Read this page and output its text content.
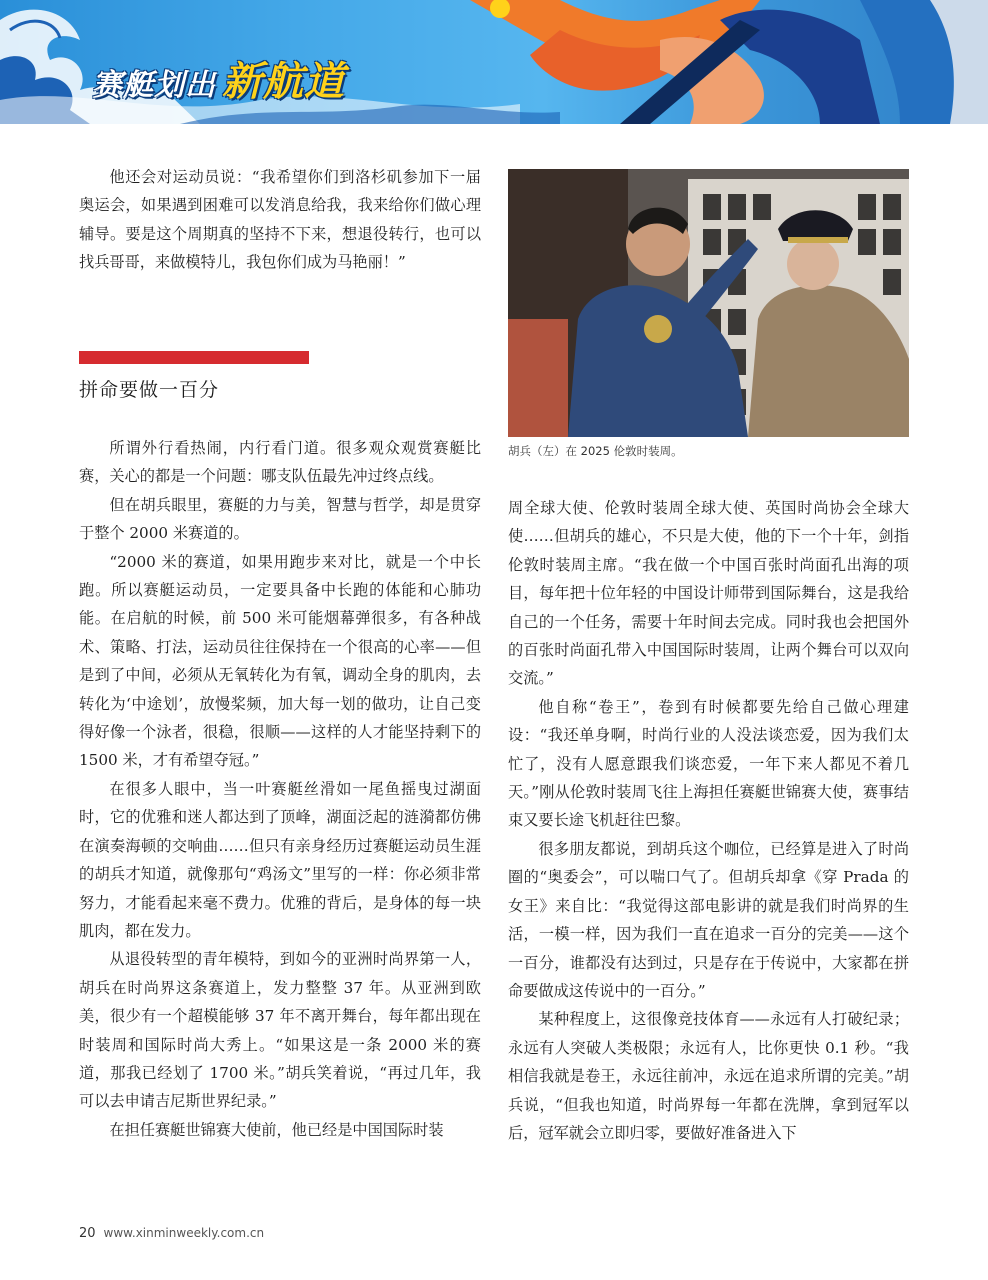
赛艇划出 新航道

他还会对运动员说：“我希望你们到洛杉矶参加下一届奥运会，如果遇到困难可以发消息给我，我来给你们做心理辅导。要是这个周期真的坚持不下来，想退役转行，也可以找兵哥哥，来做模特儿，我包你们成为马艳丽！”

拼命要做一百分

所谓外行看热闹，内行看门道。很多观众观赏赛艇比赛，关心的都是一个问题：哪支队伍最先冲过终点线。

但在胡兵眼里，赛艇的力与美，智慧与哲学，却是贯穿于整个 2000 米赛道的。

“2000 米的赛道，如果用跑步来对比，就是一个中长跑。所以赛艇运动员，一定要具备中长跑的体能和心肺功能。在启航的时候，前 500 米可能烟幕弹很多，有各种战术、策略、打法，运动员往往保持在一个很高的心率——但是到了中间，必须从无氧转化为有氧，调动全身的肌肉，去转化为‘中途划’，放慢桨频，加大每一划的做功，让自己变得好像一个泳者，很稳，很顺——这样的人才能坚持剩下的 1500 米，才有希望夺冠。”

在很多人眼中，当一叶赛艇丝滑如一尾鱼摇曳过湖面时，它的优雅和迷人都达到了顶峰，湖面泛起的涟漪都仿佛在演奏海顿的交响曲……但只有亲身经历过赛艇运动员生涯的胡兵才知道，就像那句“鸡汤文”里写的一样：你必须非常努力，才能看起来毫不费力。优雅的背后，是身体的每一块肌肉，都在发力。

从退役转型的青年模特，到如今的亚洲时尚界第一人，胡兵在时尚界这条赛道上，发力整整 37 年。从亚洲到欧美，很少有一个超模能够 37 年不离开舞台，每年都出现在时装周和国际时尚大秀上。“如果这是一条 2000 米的赛道，那我已经划了 1700 米。”胡兵笑着说，“再过几年，我可以去申请吉尼斯世界纪录。”

在担任赛艇世锦赛大使前，他已经是中国国际时装

胡兵（左）在 2025 伦敦时装周。

周全球大使、伦敦时装周全球大使、英国时尚协会全球大使……但胡兵的雄心，不只是大使，他的下一个十年，剑指伦敦时装周主席。“我在做一个中国百张时尚面孔出海的项目，每年把十位年轻的中国设计师带到国际舞台，这是我给自己的一个任务，需要十年时间去完成。同时我也会把国外的百张时尚面孔带入中国国际时装周，让两个舞台可以双向交流。”

他自称“卷王”，卷到有时候都要先给自己做心理建设：“我还单身啊，时尚行业的人没法谈恋爱，因为我们太忙了，没有人愿意跟我们谈恋爱，一年下来人都见不着几天。”刚从伦敦时装周飞往上海担任赛艇世锦赛大使，赛事结束又要长途飞机赶往巴黎。

很多朋友都说，到胡兵这个咖位，已经算是进入了时尚圈的“奥委会”，可以喘口气了。但胡兵却拿《穿 Prada 的女王》来自比：“我觉得这部电影讲的就是我们时尚界的生活，一模一样，因为我们一直在追求一百分的完美——这个一百分，谁都没有达到过，只是存在于传说中，大家都在拼命要做成这传说中的一百分。”

某种程度上，这很像竞技体育——永远有人打破纪录；永远有人突破人类极限；永远有人，比你更快 0.1 秒。“我相信我就是卷王，永远往前冲，永远在追求所谓的完美。”胡兵说，“但我也知道，时尚界每一年都在洗牌，拿到冠军以后，冠军就会立即归零，要做好准备进入下

20 www.xinminweekly.com.cn
